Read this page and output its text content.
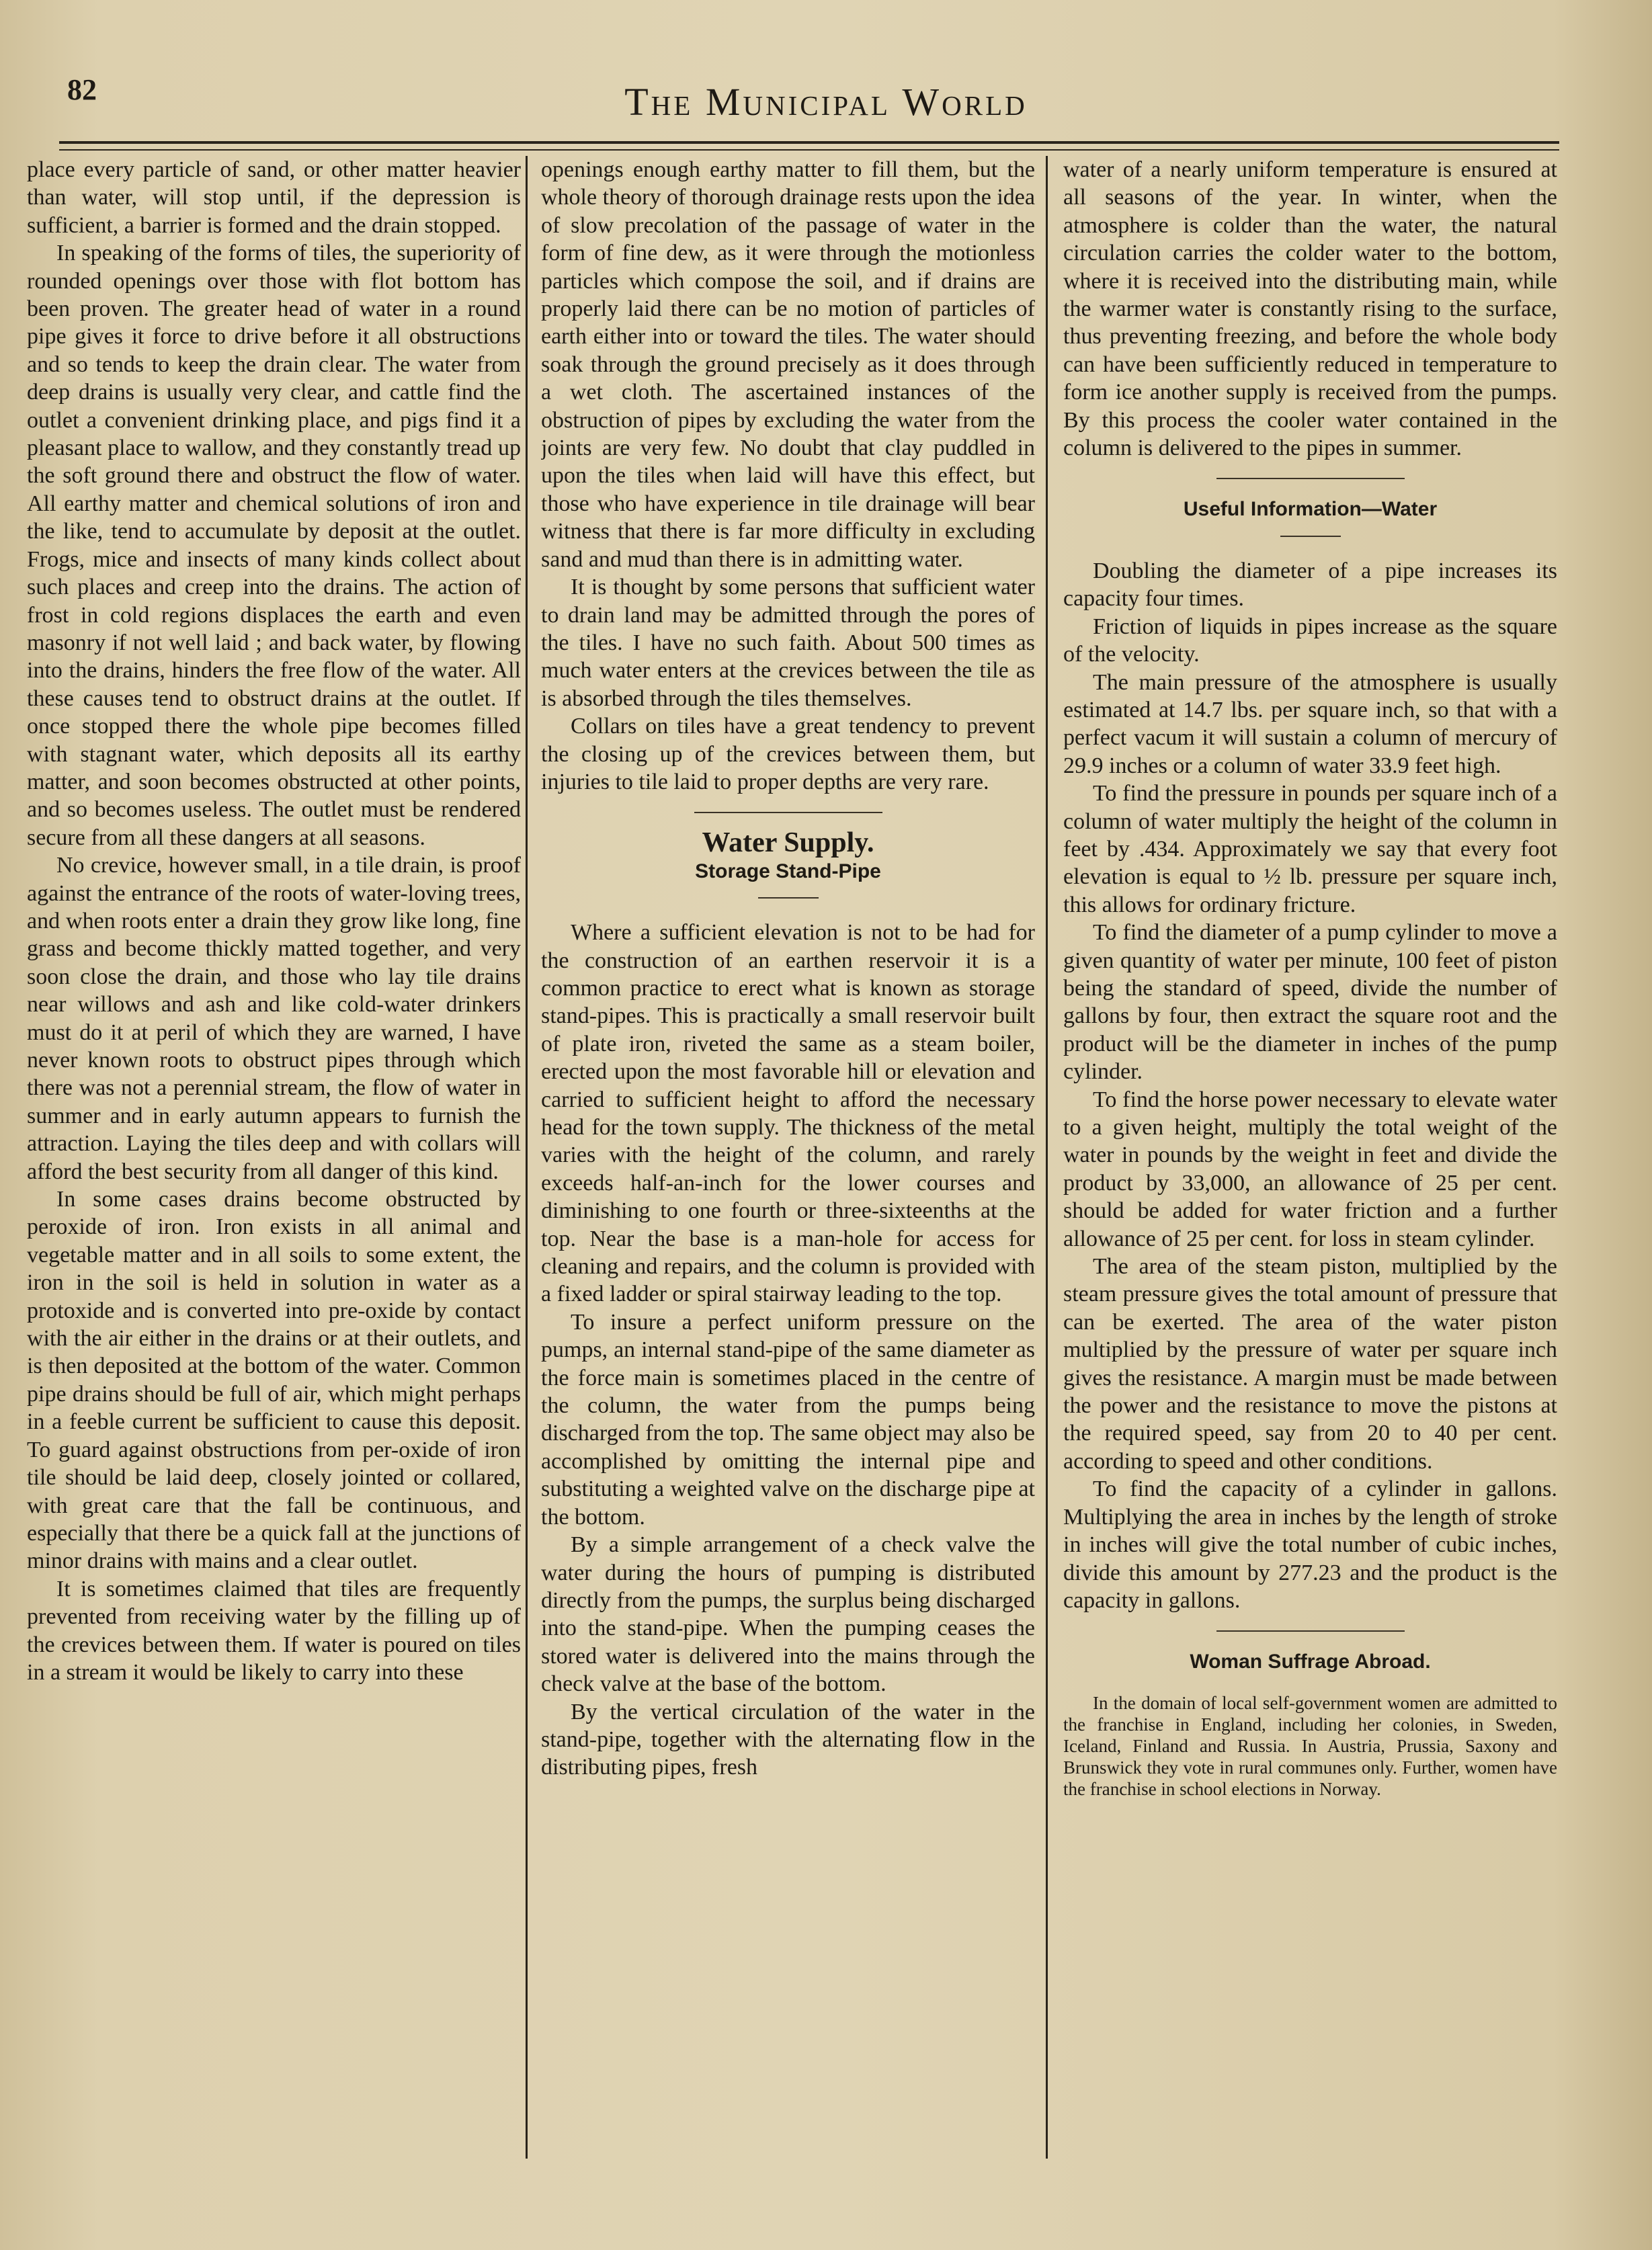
82	The Municipal World

place every particle of sand, or other matter heavier than water, will stop until, if the depression is sufficient, a barrier is formed and the drain stopped.

In speaking of the forms of tiles, the superiority of rounded openings over those with flot bottom has been proven. The greater head of water in a round pipe gives it force to drive before it all obstructions and so tends to keep the drain clear. The water from deep drains is usually very clear, and cattle find the outlet a convenient drinking place, and pigs find it a pleasant place to wallow, and they constantly tread up the soft ground there and obstruct the flow of water. All earthy matter and chemical solutions of iron and the like, tend to accumulate by deposit at the outlet. Frogs, mice and insects of many kinds collect about such places and creep into the drains. The action of frost in cold regions displaces the earth and even masonry if not well laid ; and back water, by flowing into the drains, hinders the free flow of the water. All these causes tend to obstruct drains at the outlet. If once stopped there the whole pipe becomes filled with stagnant water, which deposits all its earthy matter, and soon becomes obstructed at other points, and so becomes useless. The outlet must be rendered secure from all these dangers at all seasons.

No crevice, however small, in a tile drain, is proof against the entrance of the roots of water-loving trees, and when roots enter a drain they grow like long, fine grass and become thickly matted together, and very soon close the drain, and those who lay tile drains near willows and ash and like cold-water drinkers must do it at peril of which they are warned, I have never known roots to obstruct pipes through which there was not a perennial stream, the flow of water in summer and in early autumn appears to furnish the attraction. Laying the tiles deep and with collars will afford the best security from all danger of this kind.

In some cases drains become obstructed by peroxide of iron. Iron exists in all animal and vegetable matter and in all soils to some extent, the iron in the soil is held in solution in water as a protoxide and is converted into pre-oxide by contact with the air either in the drains or at their outlets, and is then deposited at the bottom of the water. Common pipe drains should be full of air, which might perhaps in a feeble current be sufficient to cause this deposit. To guard against obstructions from per-oxide of iron tile should be laid deep, closely jointed or collared, with great care that the fall be continuous, and especially that there be a quick fall at the junctions of minor drains with mains and a clear outlet.

It is sometimes claimed that tiles are frequently prevented from receiving water by the filling up of the crevices between them. If water is poured on tiles in a stream it would be likely to carry into these

openings enough earthy matter to fill them, but the whole theory of thorough drainage rests upon the idea of slow precolation of the passage of water in the form of fine dew, as it were through the motionless particles which compose the soil, and if drains are properly laid there can be no motion of particles of earth either into or toward the tiles. The water should soak through the ground precisely as it does through a wet cloth. The ascertained instances of the obstruction of pipes by excluding the water from the joints are very few. No doubt that clay puddled in upon the tiles when laid will have this effect, but those who have experience in tile drainage will bear witness that there is far more difficulty in excluding sand and mud than there is in admitting water.

It is thought by some persons that sufficient water to drain land may be admitted through the pores of the tiles. I have no such faith. About 500 times as much water enters at the crevices between the tile as is absorbed through the tiles themselves.

Collars on tiles have a great tendency to prevent the closing up of the crevices between them, but injuries to tile laid to proper depths are very rare.

Water Supply.
Storage Stand-Pipe

Where a sufficient elevation is not to be had for the construction of an earthen reservoir it is a common practice to erect what is known as storage stand-pipes. This is practically a small reservoir built of plate iron, riveted the same as a steam boiler, erected upon the most favorable hill or elevation and carried to sufficient height to afford the necessary head for the town supply. The thickness of the metal varies with the height of the column, and rarely exceeds half-an-inch for the lower courses and diminishing to one fourth or three-sixteenths at the top. Near the base is a man-hole for access for cleaning and repairs, and the column is provided with a fixed ladder or spiral stairway leading to the top.

To insure a perfect uniform pressure on the pumps, an internal stand-pipe of the same diameter as the force main is sometimes placed in the centre of the column, the water from the pumps being discharged from the top. The same object may also be accomplished by omitting the internal pipe and substituting a weighted valve on the discharge pipe at the bottom.

By a simple arrangement of a check valve the water during the hours of pumping is distributed directly from the pumps, the surplus being discharged into the stand-pipe. When the pumping ceases the stored water is delivered into the mains through the check valve at the base of the bottom.

By the vertical circulation of the water in the stand-pipe, together with the alternating flow in the distributing pipes, fresh

water of a nearly uniform temperature is ensured at all seasons of the year. In winter, when the atmosphere is colder than the water, the natural circulation carries the colder water to the bottom, where it is received into the distributing main, while the warmer water is constantly rising to the surface, thus preventing freezing, and before the whole body can have been sufficiently reduced in temperature to form ice another supply is received from the pumps. By this process the cooler water contained in the column is delivered to the pipes in summer.

Useful Information—Water

Doubling the diameter of a pipe increases its capacity four times.

Friction of liquids in pipes increase as the square of the velocity.

The main pressure of the atmosphere is usually estimated at 14.7 lbs. per square inch, so that with a perfect vacum it will sustain a column of mercury of 29.9 inches or a column of water 33.9 feet high.

To find the pressure in pounds per square inch of a column of water multiply the height of the column in feet by .434. Approximately we say that every foot elevation is equal to ½ lb. pressure per square inch, this allows for ordinary fricture.

To find the diameter of a pump cylinder to move a given quantity of water per minute, 100 feet of piston being the standard of speed, divide the number of gallons by four, then extract the square root and the product will be the diameter in inches of the pump cylinder.

To find the horse power necessary to elevate water to a given height, multiply the total weight of the water in pounds by the weight in feet and divide the product by 33,000, an allowance of 25 per cent. should be added for water friction and a further allowance of 25 per cent. for loss in steam cylinder.

The area of the steam piston, multiplied by the steam pressure gives the total amount of pressure that can be exerted. The area of the water piston multiplied by the pressure of water per square inch gives the resistance. A margin must be made between the power and the resistance to move the pistons at the required speed, say from 20 to 40 per cent. according to speed and other conditions.

To find the capacity of a cylinder in gallons. Multiplying the area in inches by the length of stroke in inches will give the total number of cubic inches, divide this amount by 277.23 and the product is the capacity in gallons.

Woman Suffrage Abroad.

In the domain of local self-government women are admitted to the franchise in England, including her colonies, in Sweden, Iceland, Finland and Russia. In Austria, Prussia, Saxony and Brunswick they vote in rural communes only. Further, women have the franchise in school elections in Norway.
